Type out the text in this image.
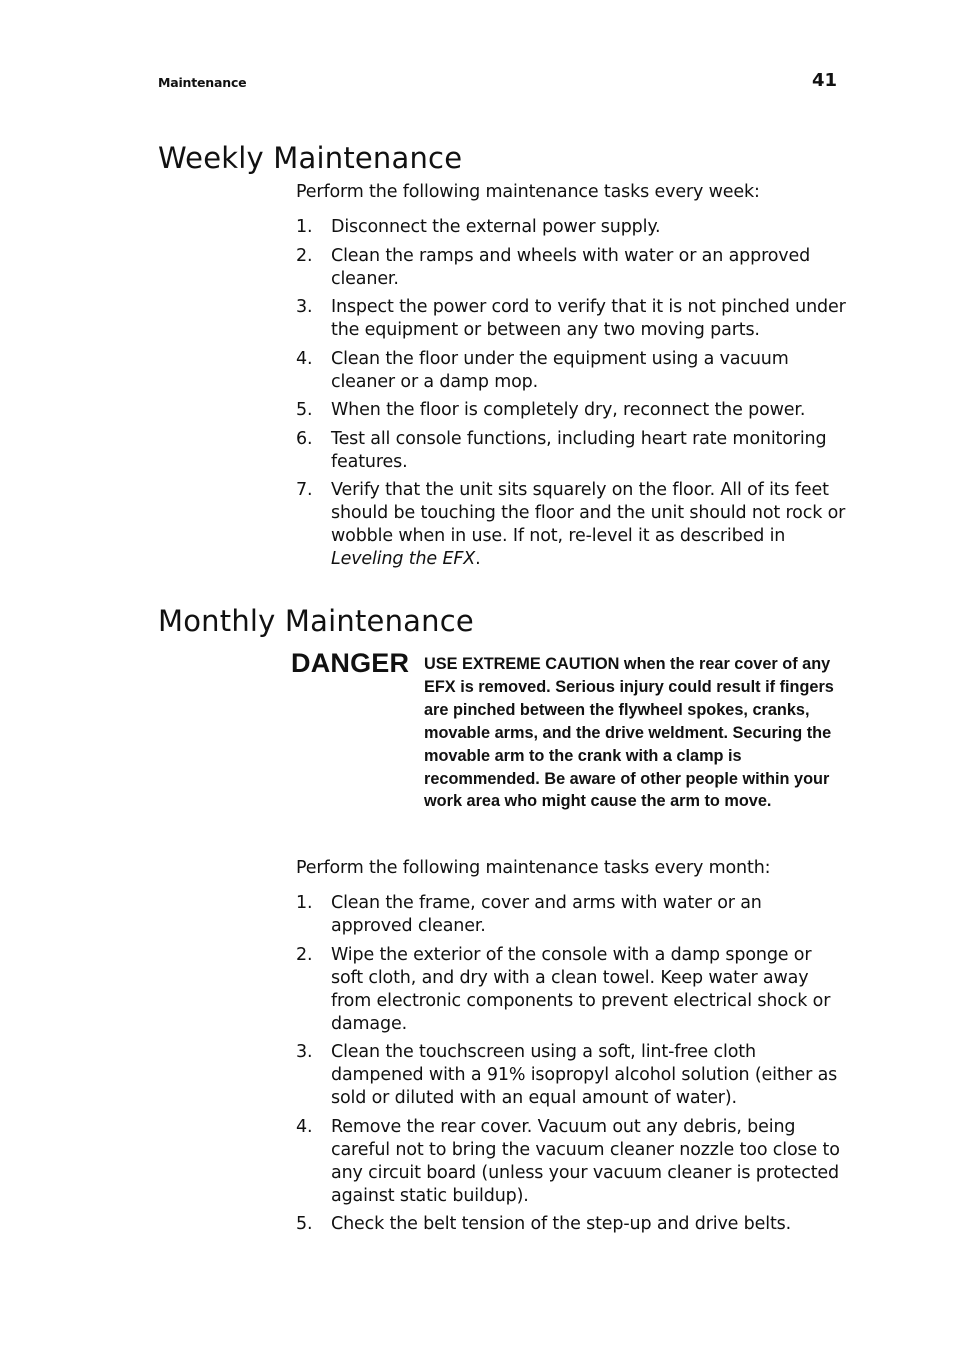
Maintenance	41
Weekly Maintenance

Perform the following maintenance tasks every week:

1. Disconnect the external power supply.
2. Clean the ramps and wheels with water or an approved cleaner.
3. Inspect the power cord to verify that it is not pinched under the equipment or between any two moving parts.
4. Clean the floor under the equipment using a vacuum cleaner or a damp mop.
5. When the floor is completely dry, reconnect the power.
6. Test all console functions, including heart rate monitoring features.
7. Verify that the unit sits squarely on the floor. All of its feet should be touching the floor and the unit should not rock or wobble when in use. If not, re-level it as described in Leveling the EFX.
Monthly Maintenance
DANGER USE EXTREME CAUTION when the rear cover of any EFX is removed. Serious injury could result if fingers are pinched between the flywheel spokes, cranks, movable arms, and the drive weldment. Securing the movable arm to the crank with a clamp is recommended. Be aware of other people within your work area who might cause the arm to move.

Perform the following maintenance tasks every month:

1. Clean the frame, cover and arms with water or an approved cleaner.
2. Wipe the exterior of the console with a damp sponge or soft cloth, and dry with a clean towel. Keep water away from electronic components to prevent electrical shock or damage.
3. Clean the touchscreen using a soft, lint-free cloth dampened with a 91% isopropyl alcohol solution (either as sold or diluted with an equal amount of water).
4. Remove the rear cover. Vacuum out any debris, being careful not to bring the vacuum cleaner nozzle too close to any circuit board (unless your vacuum cleaner is protected against static buildup).
5. Check the belt tension of the step-up and drive belts.
